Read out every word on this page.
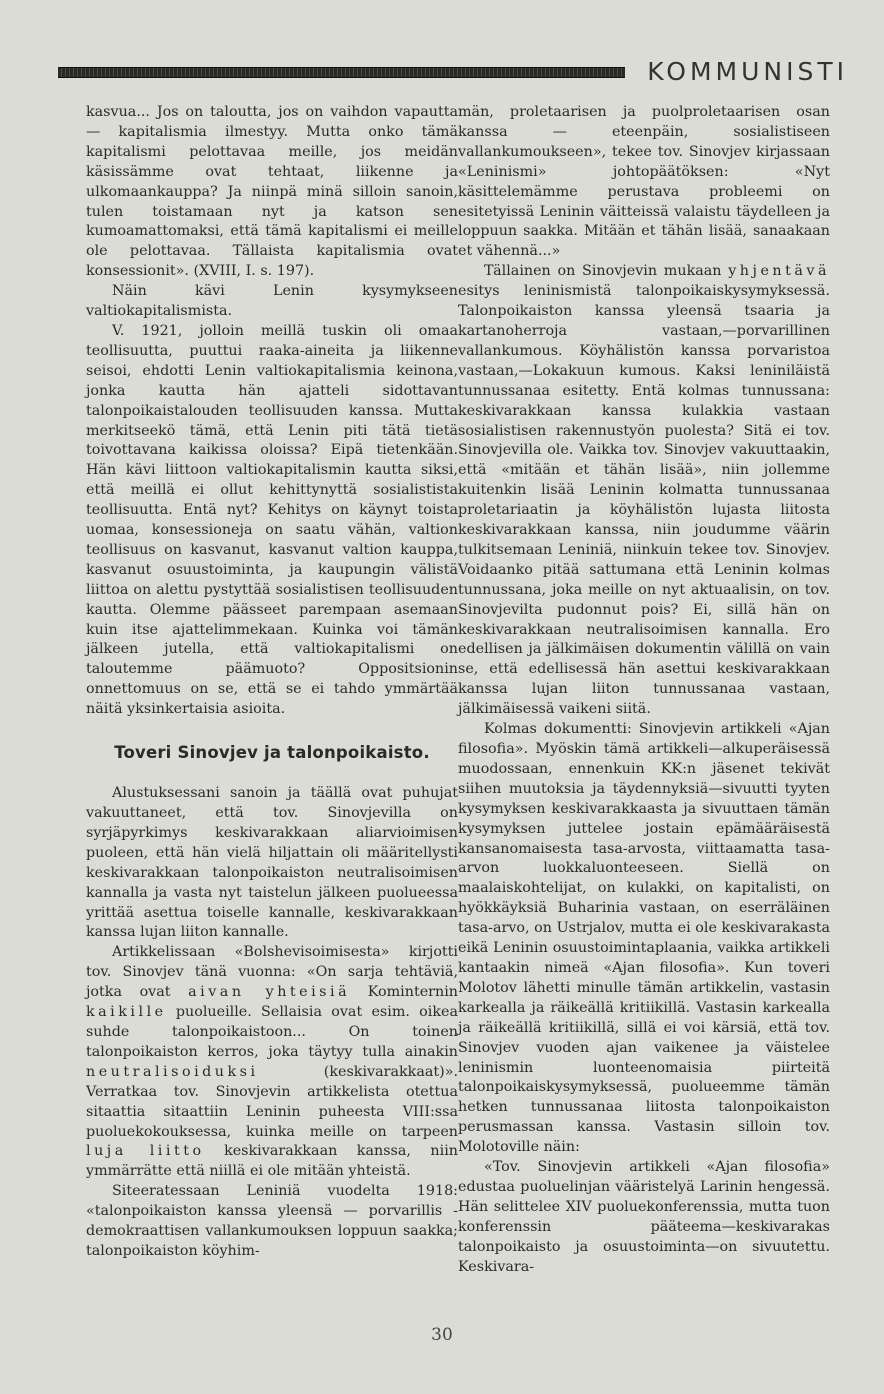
KOMMUNISTI

kasvua... Jos on taloutta, jos on vaihdon vapautta — kapitalismia ilmestyy. Mutta onko tämä kapitalismi pelottavaa meille, jos meidän käsissämme ovat tehtaat, liikenne ja ulkomaankauppa? Ja niinpä minä silloin sanoin, tulen toistamaan nyt ja katson sen kumoamattomaksi, että tämä kapitalismi ei meille ole pelottavaa. Tällaista kapitalismia ovat konsessionit». (XVIII, I. s. 197).

Näin kävi Lenin kysymykseen valtiokapitalismista.

V. 1921, jolloin meillä tuskin oli omaa teollisuutta, puuttui raaka-aineita ja liikenne seisoi, ehdotti Lenin valtiokapitalismia keinona, jonka kautta hän ajatteli sidottavan talonpoikaistalouden teollisuuden kanssa. Mutta merkitseekö tämä, että Lenin piti tätä tietä toivottavana kaikissa oloissa? Eipä tietenkään. Hän kävi liittoon valtiokapitalismin kautta siksi, että meillä ei ollut kehittynyttä sosialistista teollisuutta. Entä nyt? Kehitys on käynyt toista uomaa, konsessioneja on saatu vähän, valtion teollisuus on kasvanut, kasvanut valtion kauppa, kasvanut osuustoiminta, ja kaupungin välistä liittoa on alettu pystyttää sosialistisen teollisuuden kautta. Olemme päässeet parempaan asemaan kuin itse ajattelimmekaan. Kuinka voi tämän jälkeen jutella, että valtiokapitalismi on taloutemme päämuoto? Oppositsionin onnettomuus on se, että se ei tahdo ymmärtää näitä yksinkertaisia asioita.

Toveri Sinovjev ja talonpoikaisto.

Alustuksessani sanoin ja täällä ovat puhujat vakuuttaneet, että tov. Sinovjevilla on syrjäpyrkimys keskivarakkaan aliarvioimisen puoleen, että hän vielä hiljattain oli määritellysti keskivarakkaan talonpoikaiston neutralisoimisen kannalla ja vasta nyt taistelun jälkeen puolueessa yrittää asettua toiselle kannalle, keskivarakkaan kanssa lujan liiton kannalle.

Artikkelissaan «Bolshevisoimisesta» kirjotti tov. Sinovjev tänä vuonna: «On sarja tehtäviä, jotka ovat aivan yhteisiä Kominternin kaikille puolueille. Sellaisia ovat esim. oikea suhde talonpoikaistoon... On toinen talonpoikaiston kerros, joka täytyy tulla ainakin neutralisoiduksi	(keskivarakkaat)». Verratkaa tov. Sinovjevin artikkelista otettua sitaattia sitaattiin Leninin puheesta VIII:ssa puoluekokouksessa, kuinka meille on tarpeen luja liitto keskivarakkaan kanssa, niin ymmärrätte että niillä ei ole mitään yhteistä.

Siteeratessaan Leniniä vuodelta 1918: «talonpoikaiston kanssa yleensä — porvarillis - demokraattisen vallankumouksen loppuun saakka; talonpoikaiston köyhim-

män, proletaarisen ja puolproletaarisen osan kanssa — eteenpäin, sosialistiseen vallankumoukseen», tekee tov. Sinovjev kirjassaan «Leninismi» johtopäätöksen: «Nyt käsittelemämme perustava probleemi on esitetyissä Leninin väitteissä valaistu täydelleen ja loppuun saakka. Mitään et tähän lisää, sanaakaan et vähennä...»

Tällainen on Sinovjevin mukaan yhjentävä esitys leninismistä talonpoikaiskysymyksessä. Talonpoikaiston kanssa yleensä tsaaria ja kartanoherroja vastaan,—porvarillinen vallankumous. Köyhälistön kanssa porvaristoa vastaan,—Lokakuun kumous. Kaksi leniniläistä tunnussanaa esitetty. Entä kolmas tunnussana: keskivarakkaan kanssa kulakkia vastaan sosialistisen rakennustyön puolesta? Sitä ei tov. Sinovjevilla ole. Vaikka tov. Sinovjev vakuuttaakin, että «mitään et tähän lisää», niin jollemme kuitenkin lisää Leninin kolmatta tunnussanaa proletariaatin ja köyhälistön lujasta liitosta keskivarakkaan kanssa, niin joudumme väärin tulkitsemaan Leniniä, niinkuin tekee tov. Sinovjev. Voidaanko pitää sattumana että Leninin kolmas tunnussana, joka meille on nyt aktuaalisin, on tov. Sinovjevilta pudonnut pois? Ei, sillä hän on keskivarakkaan neutralisoimisen kannalla. Ero edellisen ja jälkimäisen dokumentin välillä on vain se, että edellisessä hän asettui keskivarakkaan kanssa lujan liiton tunnussanaa vastaan, jälkimäisessä vaikeni siitä.

Kolmas dokumentti: Sinovjevin artikkeli «Ajan filosofia». Myöskin tämä artikkeli—alkuperäisessä muodossaan, ennenkuin KK:n jäsenet tekivät siihen muutoksia ja täydennyksiä—sivuutti tyyten kysymyksen keskivarakkaasta ja sivuuttaen tämän kysymyksen juttelee jostain epämääräisestä kansanomaisesta tasa-arvosta, viittaamatta tasa-arvon luokkaluonteeseen. Siellä on maalaiskohtelijat, on kulakki, on kapitalisti, on hyökkäyksiä Buharinia vastaan, on eserräläinen tasa-arvo, on Ustrjalov, mutta ei ole keskivarakasta eikä Leninin osuustoimintaplaania, vaikka artikkeli kantaakin nimeä «Ajan filosofia». Kun toveri Molotov lähetti minulle tämän artikkelin, vastasin karkealla ja räikeällä kritiikillä. Vastasin karkealla ja räikeällä kritiikillä, sillä ei voi kärsiä, että tov. Sinovjev vuoden ajan vaikenee ja väistelee leninismin luonteenomaisia piirteitä talonpoikaiskysymyksessä, puolueemme tämän hetken tunnussanaa liitosta talonpoikaiston perusmassan kanssa. Vastasin silloin tov. Molotoville näin:

«Tov. Sinovjevin artikkeli «Ajan filosofia» edustaa puoluelinjan vääristelyä Larinin hengessä. Hän selittelee XIV puoluekonferenssia, mutta tuon konferenssin pääteema—keskivarakas talonpoikaisto ja osuustoiminta—on sivuutettu. Keskivara-

30
